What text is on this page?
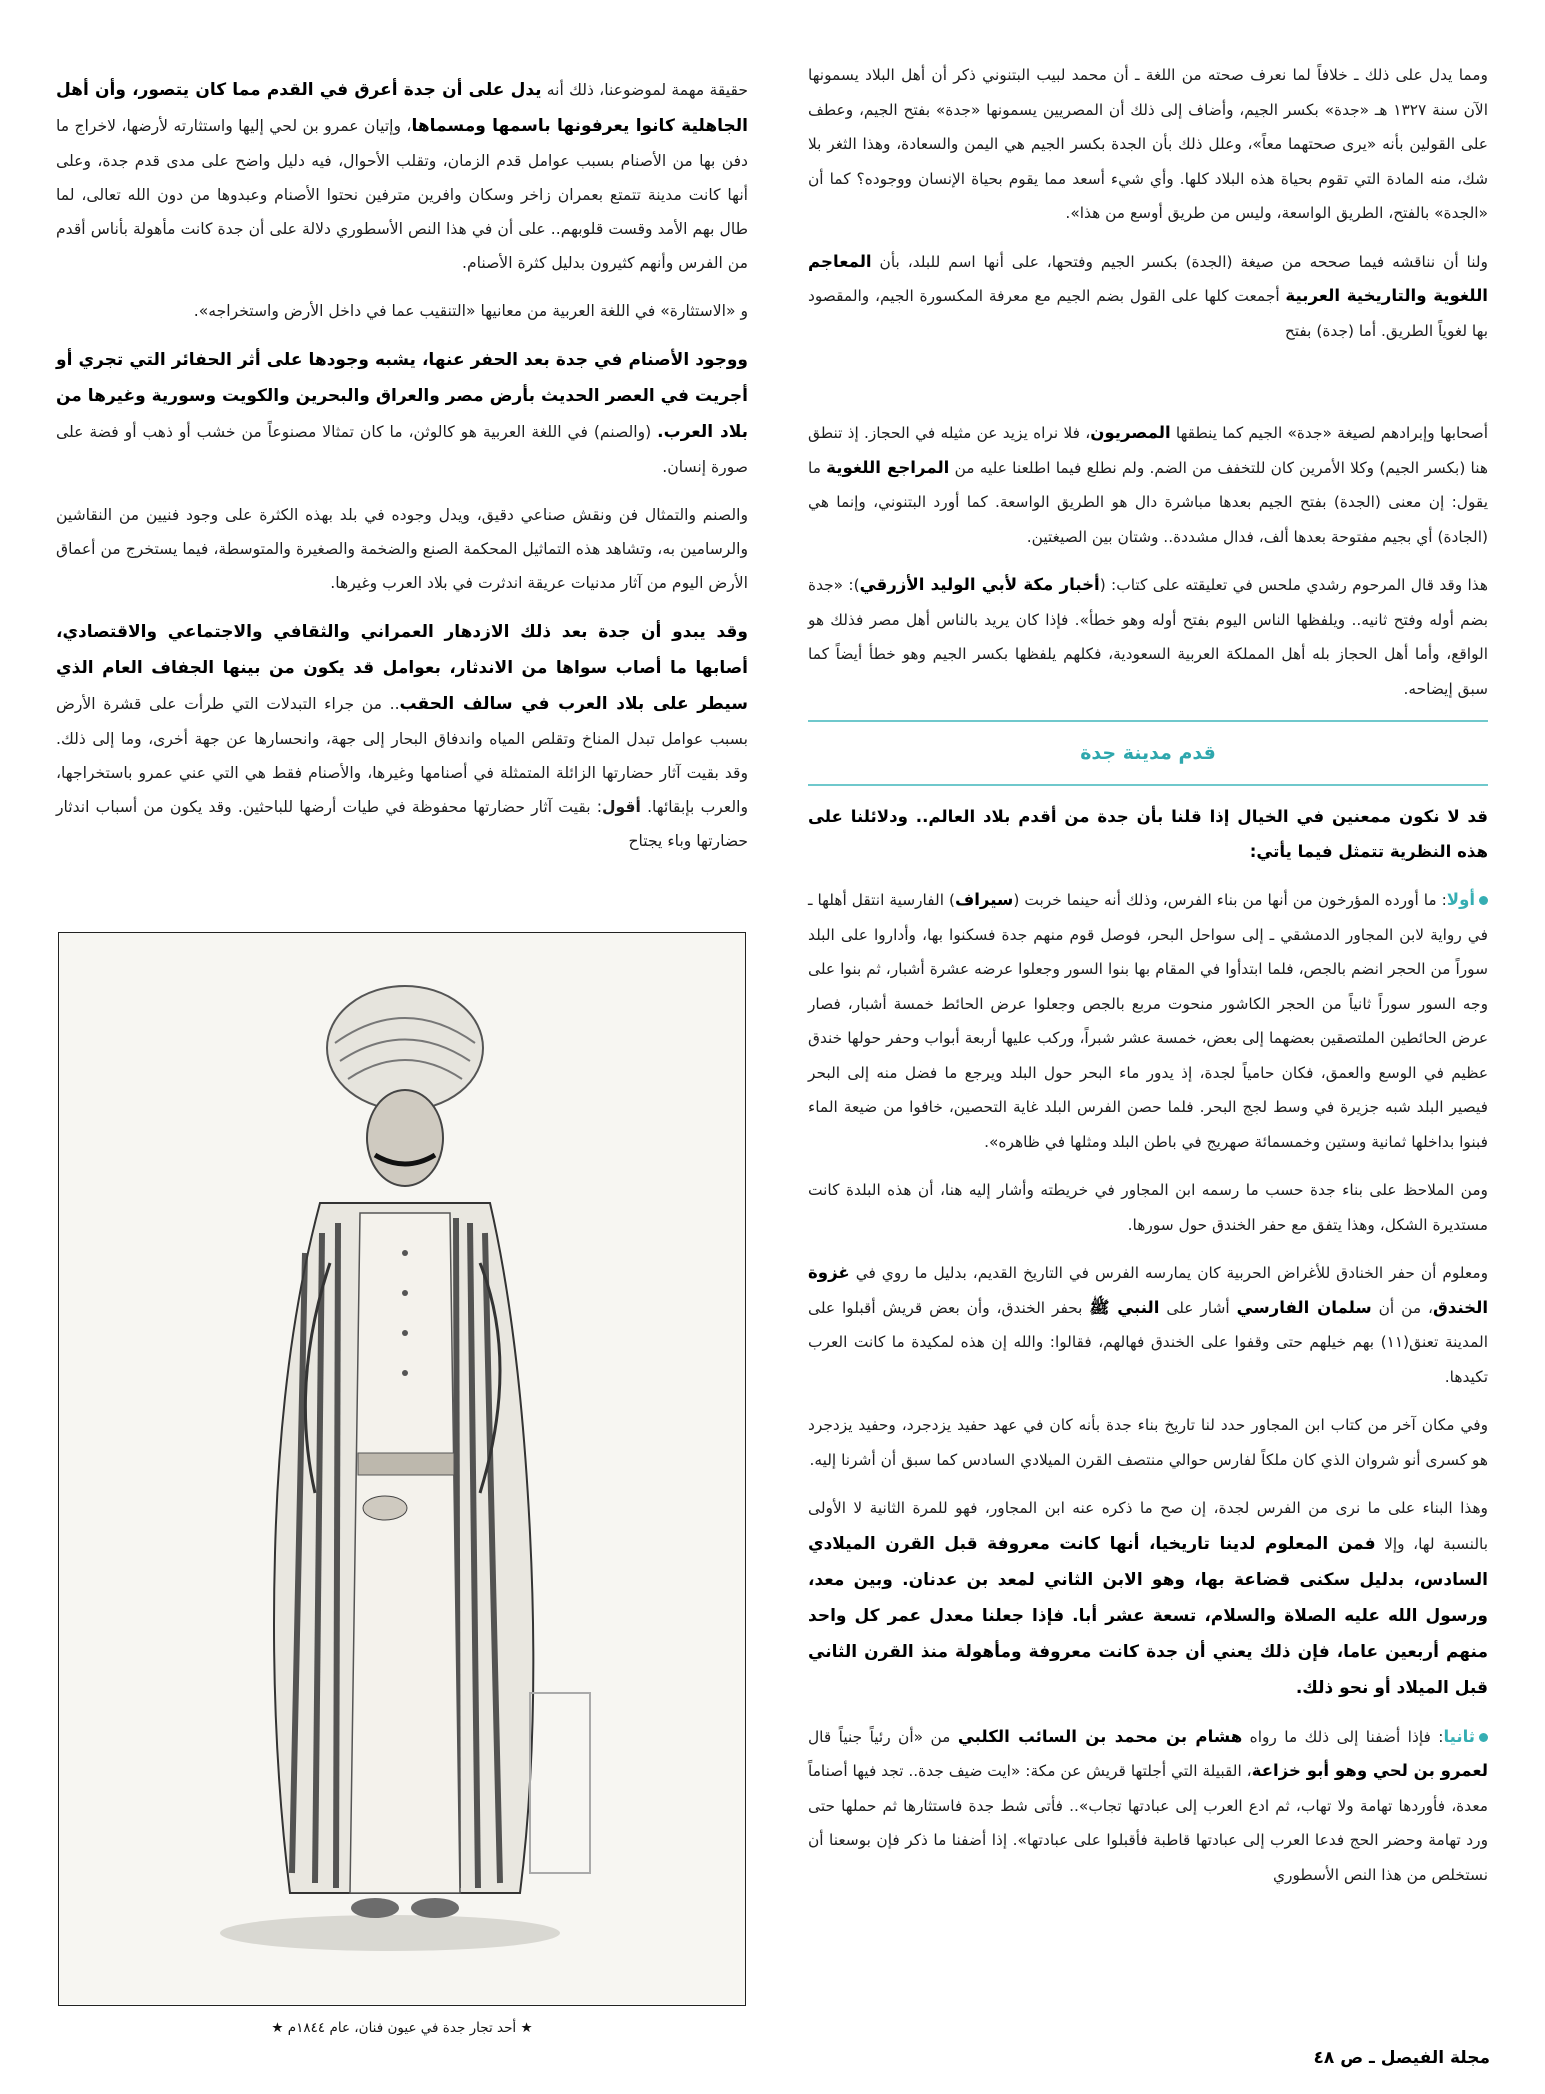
ومما يدل على ذلك ـ خلافاً لما نعرف صحته من اللغة ـ أن محمد لبيب البتنوني ذكر أن أهل البلاد يسمونها الآن سنة ١٣٢٧ هـ «جدة» بكسر الجيم، وأضاف إلى ذلك أن المصريين يسمونها «جدة» بفتح الجيم، وعطف على القولين بأنه «يرى صحتهما معاً»، وعلل ذلك بأن الجدة بكسر الجيم هي اليمن والسعادة، وهذا الثغر بلا شك، منه المادة التي تقوم بحياة هذه البلاد كلها. وأي شيء أسعد مما يقوم بحياة الإنسان ووجوده؟ كما أن «الجدة» بالفتح، الطريق الواسعة، وليس من طريق أوسع من هذا».

ولنا أن نناقشه فيما صححه من صيغة (الجدة) بكسر الجيم وفتحها، على أنها اسم للبلد، بأن المعاجم اللغوية والتاريخية العربية أجمعت كلها على القول بضم الجيم مع معرفة المكسورة الجيم، والمقصود بها لغوياً الطريق. أما (جدة) بفتح

أصحابها وإبرادهم لصيغة «جدة» الجيم كما ينطقها المصريون، فلا نراه يزيد عن مثيله في الحجاز. إذ تنطق هنا (بكسر الجيم) وكلا الأمرين كان للتخفف من الضم. ولم نطلع فيما اطلعنا عليه من المراجع اللغوية ما يقول: إن معنى (الجدة) بفتح الجيم بعدها مباشرة دال هو الطريق الواسعة. كما أورد البتنوني، وإنما هي (الجادة) أي بجيم مفتوحة بعدها ألف، فدال مشددة.. وشتان بين الصيغتين.

هذا وقد قال المرحوم رشدي ملحس في تعليقته على كتاب: (أخبار مكة لأبي الوليد الأزرقي): «جدة بضم أوله وفتح ثانيه.. ويلفظها الناس اليوم بفتح أوله وهو خطأ». فإذا كان يريد بالناس أهل مصر فذلك هو الواقع، وأما أهل الحجاز بله أهل المملكة العربية السعودية، فكلهم يلفظها بكسر الجيم وهو خطأ أيضاً كما سبق إيضاحه.

قدم مدينة جدة

قد لا نكون ممعنين في الخيال إذا قلنا بأن جدة من أقدم بلاد العالم.. ودلائلنا على هذه النظرية تتمثل فيما يأتي:

أولا: ما أورده المؤرخون من أنها من بناء الفرس، وذلك أنه حينما خربت (سيراف) الفارسية انتقل أهلها ـ في رواية لابن المجاور الدمشقي ـ إلى سواحل البحر، فوصل قوم منهم جدة فسكنوا بها، وأداروا على البلد سوراً من الحجر انضم بالجص، فلما ابتدأوا في المقام بها بنوا السور وجعلوا عرضه عشرة أشبار، ثم بنوا على وجه السور سوراً ثانياً من الحجر الكاشور منحوت مربع بالجص وجعلوا عرض الحائط خمسة أشبار، فصار عرض الحائطين الملتصقين بعضهما إلى بعض، خمسة عشر شبراً، وركب عليها أربعة أبواب وحفر حولها خندق عظيم في الوسع والعمق، فكان حامياً لجدة، إذ يدور ماء البحر حول البلد ويرجع ما فضل منه إلى البحر فيصير البلد شبه جزيرة في وسط لجج البحر. فلما حصن الفرس البلد غاية التحصين، خافوا من ضيعة الماء فبنوا بداخلها ثمانية وستين وخمسمائة صهريج في باطن البلد ومثلها في ظاهره».

ومن الملاحظ على بناء جدة حسب ما رسمه ابن المجاور في خريطته وأشار إليه هنا، أن هذه البلدة كانت مستديرة الشكل، وهذا يتفق مع حفر الخندق حول سورها.

ومعلوم أن حفر الخنادق للأغراض الحربية كان يمارسه الفرس في التاريخ القديم، بدليل ما روي في غزوة الخندق، من أن سلمان الفارسي أشار على النبي ﷺ بحفر الخندق، وأن بعض قريش أقبلوا على المدينة تعنق(١١) بهم خيلهم حتى وقفوا على الخندق فهالهم، فقالوا: والله إن هذه لمكيدة ما كانت العرب تكيدها.

وفي مكان آخر من كتاب ابن المجاور حدد لنا تاريخ بناء جدة بأنه كان في عهد حفيد يزدجرد، وحفيد يزدجرد هو كسرى أنو شروان الذي كان ملكاً لفارس حوالي منتصف القرن الميلادي السادس كما سبق أن أشرنا إليه.

وهذا البناء على ما نرى من الفرس لجدة، إن صح ما ذكره عنه ابن المجاور، فهو للمرة الثانية لا الأولى بالنسبة لها، وإلا فمن المعلوم لدينا تاريخيا، أنها كانت معروفة قبل القرن الميلادي السادس، بدليل سكنى قضاعة بها، وهو الابن الثاني لمعد بن عدنان. وبين معد، ورسول الله عليه الصلاة والسلام، تسعة عشر أبا. فإذا جعلنا معدل عمر كل واحد منهم أربعين عاما، فإن ذلك يعني أن جدة كانت معروفة ومأهولة منذ القرن الثاني قبل الميلاد أو نحو ذلك.

ثانيا: فإذا أضفنا إلى ذلك ما رواه هشام بن محمد بن السائب الكلبي من «أن رئياً جنياً قال لعمرو بن لحي وهو أبو خزاعة، القبيلة التي أجلتها قريش عن مكة: «ايت ضيف جدة.. تجد فيها أصناماً معدة، فأوردها تهامة ولا تهاب، ثم ادع العرب إلى عبادتها تجاب».. فأتى شط جدة فاستثارها ثم حملها حتى ورد تهامة وحضر الحج فدعا العرب إلى عبادتها قاطبة فأقبلوا على عبادتها». إذا أضفنا ما ذكر فإن بوسعنا أن نستخلص من هذا النص الأسطوري

حقيقة مهمة لموضوعنا، ذلك أنه يدل على أن جدة أعرق في القدم مما كان يتصور، وأن أهل الجاهلية كانوا يعرفونها باسمها ومسماها، وإتيان عمرو بن لحي إليها واستثارته لأرضها، لاخراج ما دفن بها من الأصنام بسبب عوامل قدم الزمان، وتقلب الأحوال، فيه دليل واضح على مدى قدم جدة، وعلى أنها كانت مدينة تتمتع بعمران زاخر وسكان وافرين مترفين نحتوا الأصنام وعبدوها من دون الله تعالى، لما طال بهم الأمد وقست قلوبهم.. على أن في هذا النص الأسطوري دلالة على أن جدة كانت مأهولة بأناس أقدم من الفرس وأنهم كثيرون بدليل كثرة الأصنام.

و «الاستثارة» في اللغة العربية من معانيها «التنقيب عما في داخل الأرض واستخراجه».

ووجود الأصنام في جدة بعد الحفر عنها، يشبه وجودها على أثر الحفائر التي تجري أو أجريت في العصر الحديث بأرض مصر والعراق والبحرين والكويت وسورية وغيرها من بلاد العرب. (والصنم) في اللغة العربية هو كالوثن، ما كان تمثالا مصنوعاً من خشب أو ذهب أو فضة على صورة إنسان.

والصنم والتمثال فن ونقش صناعي دقيق، ويدل وجوده في بلد بهذه الكثرة على وجود فنيين من النقاشين والرسامين به، وتشاهد هذه التماثيل المحكمة الصنع والضخمة والصغيرة والمتوسطة، فيما يستخرج من أعماق الأرض اليوم من آثار مدنيات عريقة اندثرت في بلاد العرب وغيرها.

وقد يبدو أن جدة بعد ذلك الازدهار العمراني والثقافي والاجتماعي والاقتصادي، أصابها ما أصاب سواها من الاندثار، بعوامل قد يكون من بينها الجفاف العام الذي سيطر على بلاد العرب في سالف الحقب.. من جراء التبدلات التي طرأت على قشرة الأرض بسبب عوامل تبدل المناخ وتقلص المياه واندفاق البحار إلى جهة، وانحسارها عن جهة أخرى، وما إلى ذلك. وقد بقيت آثار حضارتها الزائلة المتمثلة في أصنامها وغيرها، والأصنام فقط هي التي عني عمرو باستخراجها، والعرب بإبقائها. أقول: بقيت آثار حضارتها محفوظة في طيات أرضها للباحثين. وقد يكون من أسباب اندثار حضارتها وباء يجتاح

★ أحد تجار جدة في عيون فنان، عام ١٨٤٤م ★
مجلة الفيصل ـ ص ٤٨
